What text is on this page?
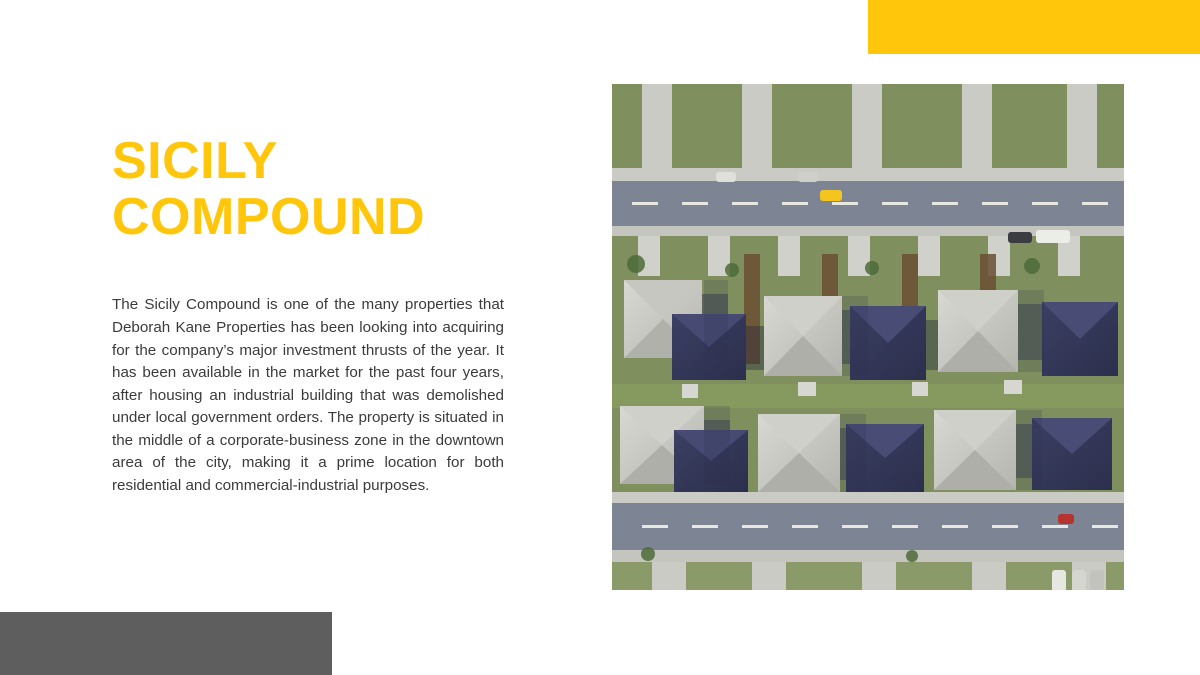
SICILY
COMPOUND

The Sicily Compound is one of the many properties that Deborah Kane Properties has been looking into acquiring for the company’s major investment thrusts of the year. It has been available in the market for the past four years, after housing an industrial building that was demolished under local government orders. The property is situated in the middle of a corporate-business zone in the downtown area of the city, making it a prime location for both residential and commercial-industrial purposes.
